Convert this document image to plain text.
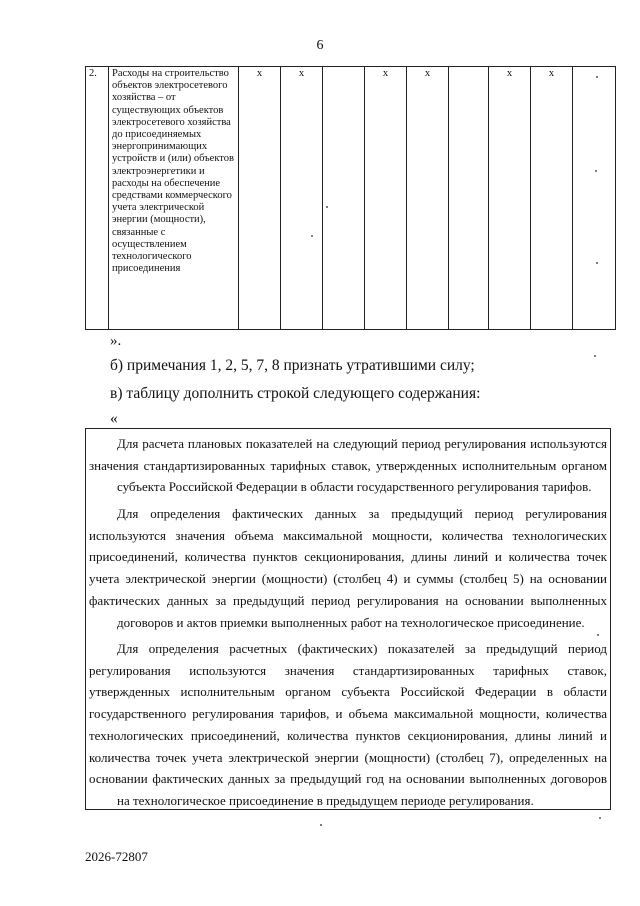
6
2.	Расходы на строительство объектов электросетевого хозяйства – от существующих объектов электросетевого хозяйства до присоединяемых энергопринимающих устройств и (или) объектов электроэнергетики и расходы на обеспечение средствами коммерческого учета электрической энергии (мощности), связанные с осуществлением технологического присоединения	x	x		x	x		x	x	
».
б) примечания 1, 2, 5, 7, 8 признать утратившими силу;
в) таблицу дополнить строкой следующего содержания:
«
Для расчета плановых показателей на следующий период регулирования используются значения стандартизированных тарифных ставок, утвержденных исполнительным органом
субъекта Российской Федерации в области государственного регулирования тарифов.
Для определения фактических данных за предыдущий период регулирования используются значения объема максимальной мощности, количества технологических присоединений, количества пунктов секционирования, длины линий и количества точек учета электрической энергии (мощности) (столбец 4) и суммы (столбец 5) на основании фактических данных за предыдущий период регулирования на основании выполненных
договоров и актов приемки выполненных работ на технологическое присоединение.
Для определения расчетных (фактических) показателей за предыдущий период регулирования используются значения стандартизированных тарифных ставок, утвержденных исполнительным органом субъекта Российской Федерации в области государственного регулирования тарифов, и объема максимальной мощности, количества технологических присоединений, количества пунктов секционирования, длины линий и количества точек учета электрической энергии (мощности) (столбец 7), определенных на основании фактических данных за предыдущий год на основании выполненных договоров
на технологическое присоединение в предыдущем периоде регулирования.
2026-72807
